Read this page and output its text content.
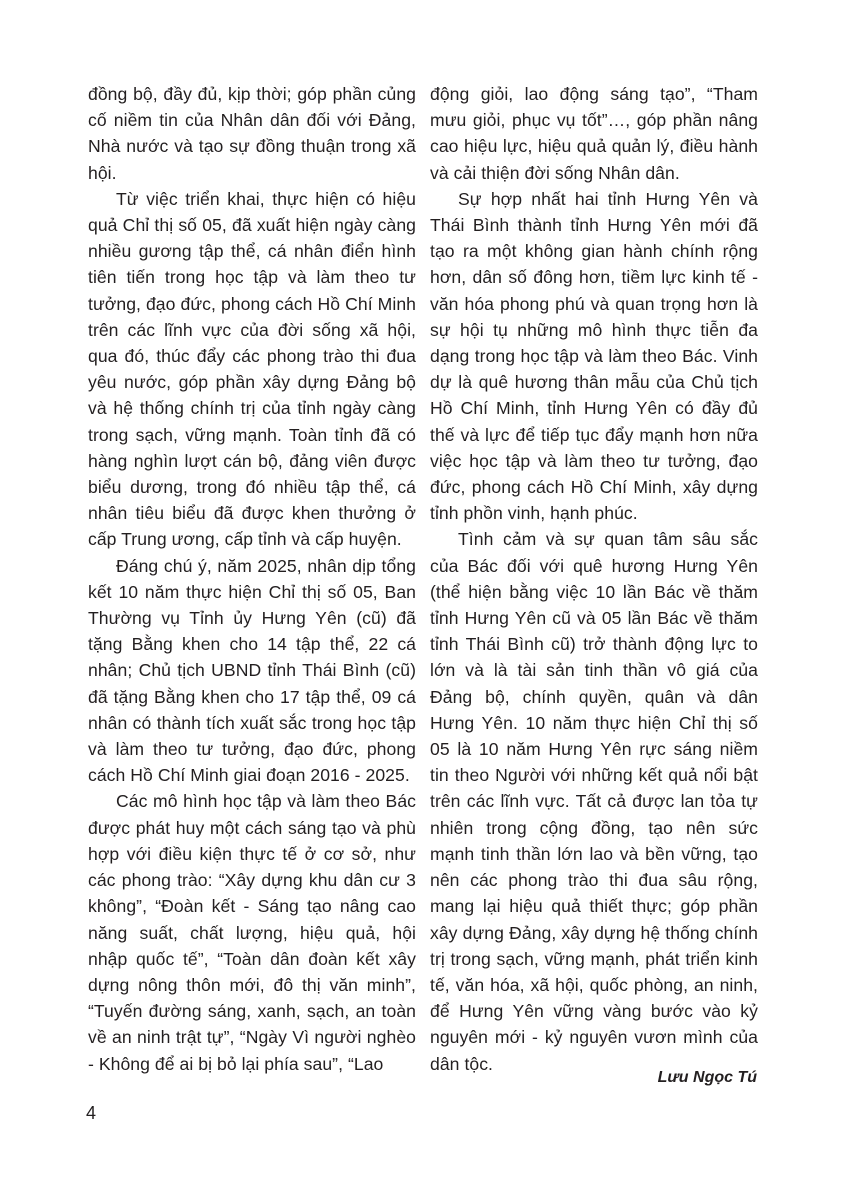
đồng bộ, đầy đủ, kịp thời; góp phần củng cố niềm tin của Nhân dân đối với Đảng, Nhà nước và tạo sự đồng thuận trong xã hội.

Từ việc triển khai, thực hiện có hiệu quả Chỉ thị số 05, đã xuất hiện ngày càng nhiều gương tập thể, cá nhân điển hình tiên tiến trong học tập và làm theo tư tưởng, đạo đức, phong cách Hồ Chí Minh trên các lĩnh vực của đời sống xã hội, qua đó, thúc đẩy các phong trào thi đua yêu nước, góp phần xây dựng Đảng bộ và hệ thống chính trị của tỉnh ngày càng trong sạch, vững mạnh. Toàn tỉnh đã có hàng nghìn lượt cán bộ, đảng viên được biểu dương, trong đó nhiều tập thể, cá nhân tiêu biểu đã được khen thưởng ở cấp Trung ương, cấp tỉnh và cấp huyện.

Đáng chú ý, năm 2025, nhân dịp tổng kết 10 năm thực hiện Chỉ thị số 05, Ban Thường vụ Tỉnh ủy Hưng Yên (cũ) đã tặng Bằng khen cho 14 tập thể, 22 cá nhân; Chủ tịch UBND tỉnh Thái Bình (cũ) đã tặng Bằng khen cho 17 tập thể, 09 cá nhân có thành tích xuất sắc trong học tập và làm theo tư tưởng, đạo đức, phong cách Hồ Chí Minh giai đoạn 2016 - 2025.

Các mô hình học tập và làm theo Bác được phát huy một cách sáng tạo và phù hợp với điều kiện thực tế ở cơ sở, như các phong trào: “Xây dựng khu dân cư 3 không”, “Đoàn kết - Sáng tạo nâng cao năng suất, chất lượng, hiệu quả, hội nhập quốc tế”, “Toàn dân đoàn kết xây dựng nông thôn mới, đô thị văn minh”, “Tuyến đường sáng, xanh, sạch, an toàn về an ninh trật tự”, “Ngày Vì người nghèo - Không để ai bị bỏ lại phía sau”, “Lao

động giỏi, lao động sáng tạo”, “Tham mưu giỏi, phục vụ tốt”…, góp phần nâng cao hiệu lực, hiệu quả quản lý, điều hành và cải thiện đời sống Nhân dân.

Sự hợp nhất hai tỉnh Hưng Yên và Thái Bình thành tỉnh Hưng Yên mới đã tạo ra một không gian hành chính rộng hơn, dân số đông hơn, tiềm lực kinh tế - văn hóa phong phú và quan trọng hơn là sự hội tụ những mô hình thực tiễn đa dạng trong học tập và làm theo Bác. Vinh dự là quê hương thân mẫu của Chủ tịch Hồ Chí Minh, tỉnh Hưng Yên có đầy đủ thế và lực để tiếp tục đẩy mạnh hơn nữa việc học tập và làm theo tư tưởng, đạo đức, phong cách Hồ Chí Minh, xây dựng tỉnh phồn vinh, hạnh phúc.

Tình cảm và sự quan tâm sâu sắc của Bác đối với quê hương Hưng Yên (thể hiện bằng việc 10 lần Bác về thăm tỉnh Hưng Yên cũ và 05 lần Bác về thăm tỉnh Thái Bình cũ) trở thành động lực to lớn và là tài sản tinh thần vô giá của Đảng bộ, chính quyền, quân và dân Hưng Yên. 10 năm thực hiện Chỉ thị số 05 là 10 năm Hưng Yên rực sáng niềm tin theo Người với những kết quả nổi bật trên các lĩnh vực. Tất cả được lan tỏa tự nhiên trong cộng đồng, tạo nên sức mạnh tinh thần lớn lao và bền vững, tạo nên các phong trào thi đua sâu rộng, mang lại hiệu quả thiết thực; góp phần xây dựng Đảng, xây dựng hệ thống chính trị trong sạch, vững mạnh, phát triển kinh tế, văn hóa, xã hội, quốc phòng, an ninh, để Hưng Yên vững vàng bước vào kỷ nguyên mới - kỷ nguyên vươn mình của dân tộc.

Lưu Ngọc Tú
4
